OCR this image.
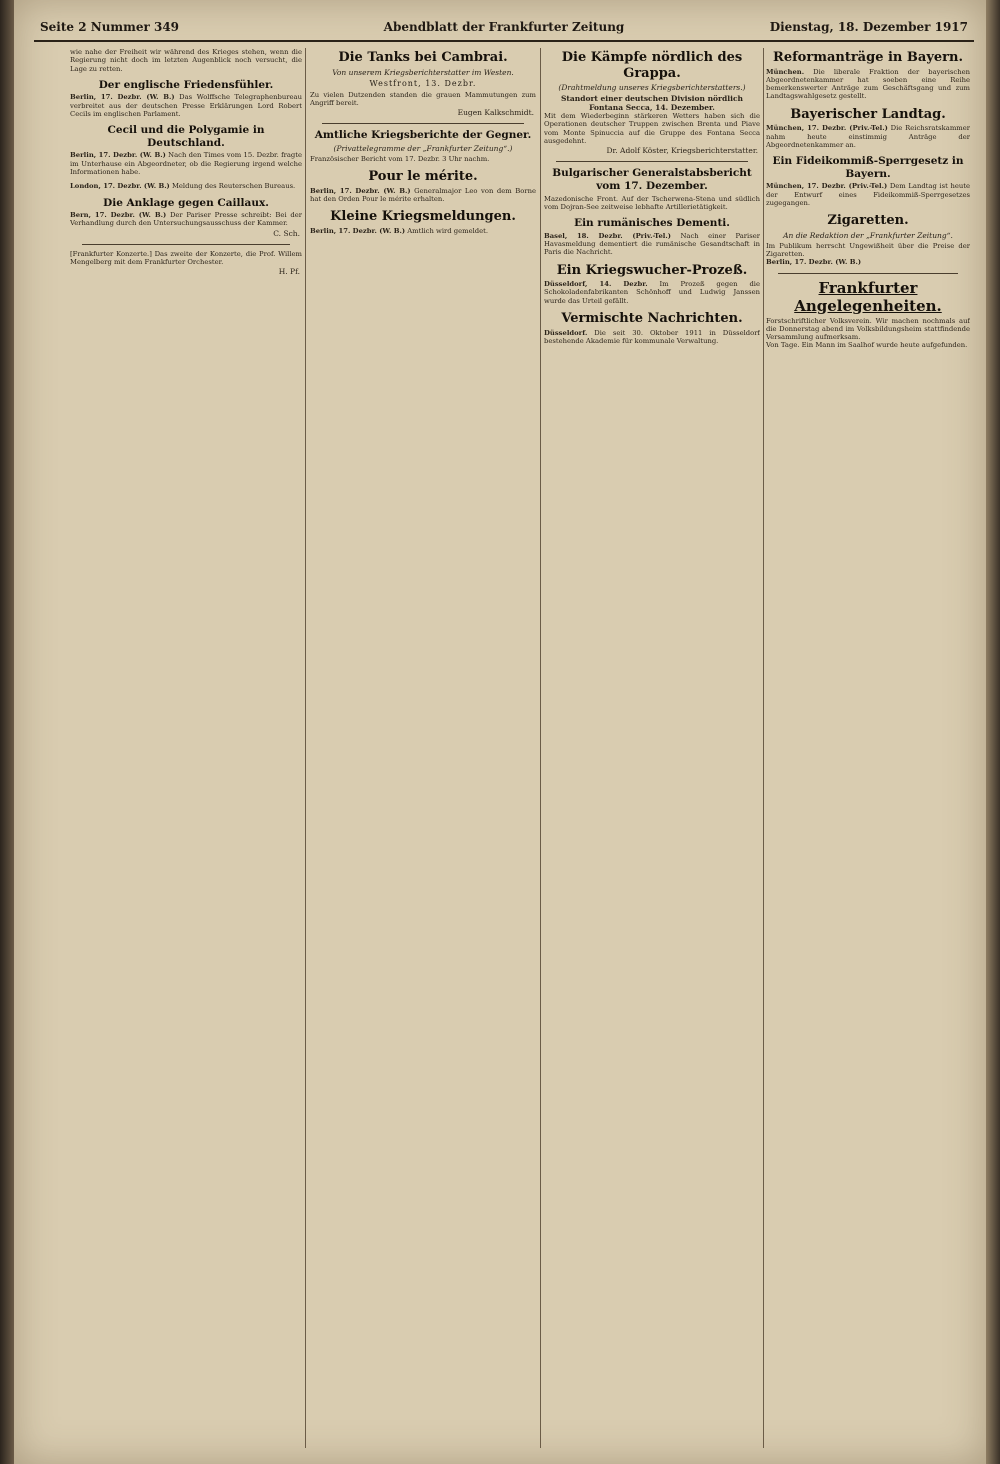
Seite 2 Nummer 349	Abendblatt der Frankfurter Zeitung	Dienstag, 18. Dezember 1917
wie nahe der Freiheit wir während des Krieges stehen, wenn die Regierung nicht doch im letzten Augenblick noch versucht, die Lage zu retten.
Der englische Friedensfühler.
Berlin, 17. Dezbr. (W. B.) Das Wolffsche Telegraphenbureau verbreitet aus der deutschen Presse Erklärungen Lord Robert Cecils im englischen Parlament.
Cecil und die Polygamie in Deutschland.
Berlin, 17. Dezbr. (W. B.) Nach den Times vom 15. Dezbr. fragte im Unterhause ein Abgeordneter, ob die Regierung irgend welche Informationen habe.
London, 17. Dezbr. (W. B.) Meldung des Reuterschen Bureaus.
Die Anklage gegen Caillaux.
Bern, 17. Dezbr. (W. B.) Der Pariser Presse schreibt: Bei der Verhandlung durch den Untersuchungsausschuss der Kammer.
C. Sch.
[Frankfurter Konzerte.] Das zweite der Konzerte, die Prof. Willem Mengelberg mit dem Frankfurter Orchester.
H. Pf.
Die Tanks bei Cambrai.
Von unserem Kriegsberichterstatter im Westen.
Westfront, 13. Dezbr.
Zu vielen Dutzenden standen die grauen Mammutungen zum Angriff bereit.
Eugen Kalkschmidt.
Amtliche Kriegsberichte der Gegner.
(Privattelegramme der „Frankfurter Zeitung“.)
Französischer Bericht vom 17. Dezbr. 3 Uhr nachm.
Pour le mérite.
Berlin, 17. Dezbr. (W. B.) Generalmajor Leo von dem Borne hat den Orden Pour le mérite erhalten.
Kleine Kriegsmeldungen.
Berlin, 17. Dezbr. (W. B.) Amtlich wird gemeldet.
Die Kämpfe nördlich des Grappa.
(Drahtmeldung unseres Kriegsberichterstatters.)
Standort einer deutschen Division nördlich Fontana Secca, 14. Dezember.
Mit dem Wiederbeginn stärkeren Wetters haben sich die Operationen deutscher Truppen zwischen Brenta und Piave vom Monte Spinuccia auf die Gruppe des Fontana Secca ausgedehnt.
Dr. Adolf Köster, Kriegsberichterstatter.
Bulgarischer Generalstabsbericht vom 17. Dezember.
Mazedonische Front. Auf der Tscherwena-Stena und südlich vom Dojran-See zeitweise lebhafte Artillerietätigkeit.
Ein rumänisches Dementi.
Basel, 18. Dezbr. (Priv.-Tel.) Nach einer Pariser Havasmeldung dementiert die rumänische Gesandtschaft in Paris die Nachricht.
Ein Kriegswucher-Prozeß.
Düsseldorf, 14. Dezbr. Im Prozeß gegen die Schokoladenfabrikanten Schönhoff und Ludwig Janssen wurde das Urteil gefällt.
Vermischte Nachrichten.
Düsseldorf. Die seit 30. Oktober 1911 in Düsseldorf bestehende Akademie für kommunale Verwaltung.
Reformanträge in Bayern.
München. Die liberale Fraktion der bayerischen Abgeordnetenkammer hat soeben eine Reihe bemerkenswerter Anträge zum Geschäftsgang und zum Landtagswahlgesetz gestellt.
Bayerischer Landtag.
München, 17. Dezbr. (Priv.-Tel.) Die Reichsratskammer nahm heute einstimmig Anträge der Abgeordnetenkammer an.
Ein Fideikommiß-Sperrgesetz in Bayern.
München, 17. Dezbr. (Priv.-Tel.) Dem Landtag ist heute der Entwurf eines Fideikommiß-Sperrgesetzes zugegangen.
Zigaretten.
An die Redaktion der „Frankfurter Zeitung“.
Im Publikum herrscht Ungewißheit über die Preise der Zigaretten.
Berlin, 17. Dezbr. (W. B.)
Frankfurter Angelegenheiten.
Forstschriftlicher Volksverein. Wir machen nochmals auf die Donnerstag abend im Volksbildungsheim stattfindende Versammlung aufmerksam.
Von Tage. Ein Mann im Saalhof wurde heute aufgefunden.
